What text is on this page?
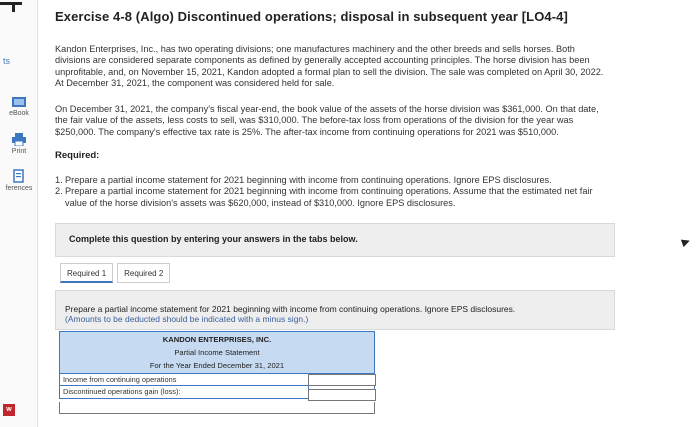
ts
eBook
Print
ferences
w
Exercise 4-8 (Algo) Discontinued operations; disposal in subsequent year [LO4-4]
Kandon Enterprises, Inc., has two operating divisions; one manufactures machinery and the other breeds and sells horses. Both
divisions are considered separate components as defined by generally accepted accounting principles. The horse division has been
unprofitable, and, on November 15, 2021, Kandon adopted a formal plan to sell the division. The sale was completed on April 30, 2022.
At December 31, 2021, the component was considered held for sale.
On December 31, 2021, the company's fiscal year-end, the book value of the assets of the horse division was $361,000. On that date,
the fair value of the assets, less costs to sell, was $310,000. The before-tax loss from operations of the division for the year was
$250,000. The company's effective tax rate is 25%. The after-tax income from continuing operations for 2021 was $510,000.
Required:
1. Prepare a partial income statement for 2021 beginning with income from continuing operations. Ignore EPS disclosures.
2. Prepare a partial income statement for 2021 beginning with income from continuing operations. Assume that the estimated net fair
value of the horse division's assets was $620,000, instead of $310,000. Ignore EPS disclosures.
Complete this question by entering your answers in the tabs below.
Required 1	Required 2
Prepare a partial income statement for 2021 beginning with income from continuing operations. Ignore EPS disclosures.
(Amounts to be deducted should be indicated with a minus sign.)
KANDON ENTERPRISES, INC.
Partial Income Statement
For the Year Ended December 31, 2021
Income from continuing operations
Discontinued operations gain (loss):
